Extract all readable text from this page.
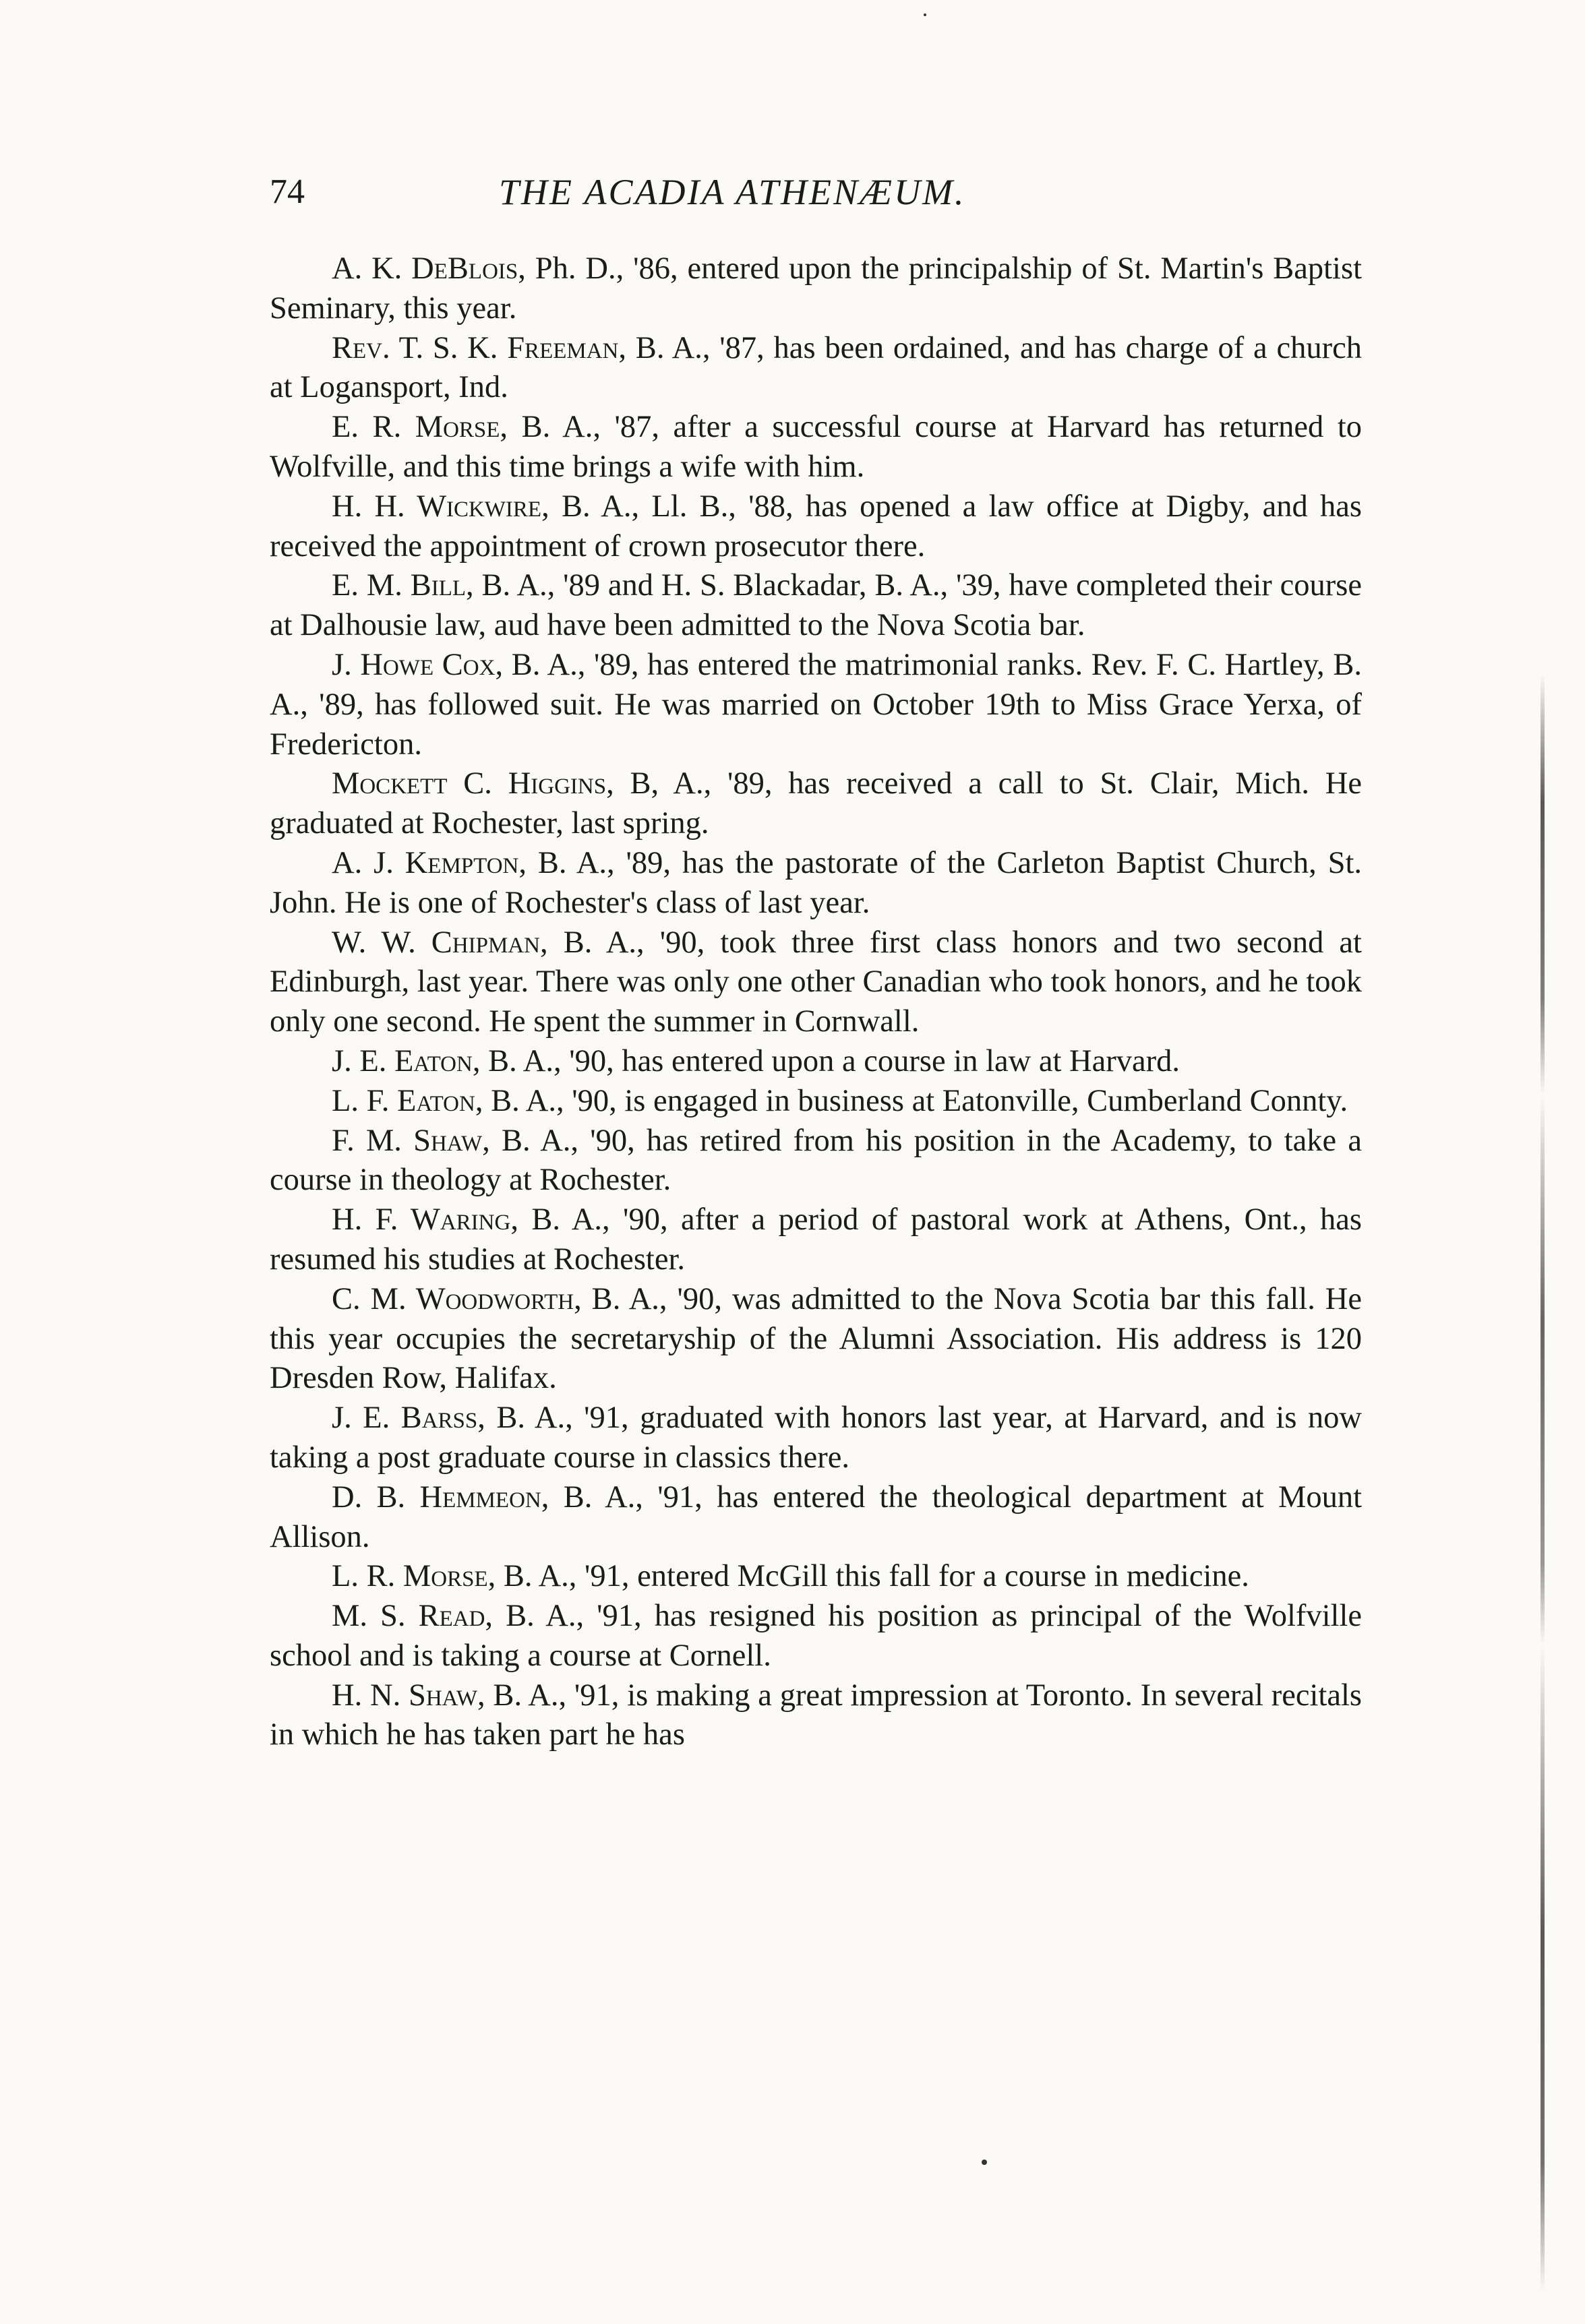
74	THE ACADIA ATHENÆUM.

A. K. DeBlois, Ph. D., '86, entered upon the principalship of St. Martin's Baptist Seminary, this year.

Rev. T. S. K. Freeman, B. A., '87, has been ordained, and has charge of a church at Logansport, Ind.

E. R. Morse, B. A., '87, after a successful course at Harvard has returned to Wolfville, and this time brings a wife with him.

H. H. Wickwire, B. A., Ll. B., '88, has opened a law office at Digby, and has received the appointment of crown prosecutor there.

E. M. Bill, B. A., '89 and H. S. Blackadar, B. A., '39, have completed their course at Dalhousie law, aud have been admitted to the Nova Scotia bar.

J. Howe Cox, B. A., '89, has entered the matrimonial ranks. Rev. F. C. Hartley, B. A., '89, has followed suit. He was married on October 19th to Miss Grace Yerxa, of Fredericton.

Mockett C. Higgins, B, A., '89, has received a call to St. Clair, Mich. He graduated at Rochester, last spring.

A. J. Kempton, B. A., '89, has the pastorate of the Carleton Baptist Church, St. John. He is one of Rochester's class of last year.

W. W. Chipman, B. A., '90, took three first class honors and two second at Edinburgh, last year. There was only one other Canadian who took honors, and he took only one second. He spent the summer in Cornwall.

J. E. Eaton, B. A., '90, has entered upon a course in law at Harvard.

L. F. Eaton, B. A., '90, is engaged in business at Eatonville, Cumberland Connty.

F. M. Shaw, B. A., '90, has retired from his position in the Academy, to take a course in theology at Rochester.

H. F. Waring, B. A., '90, after a period of pastoral work at Athens, Ont., has resumed his studies at Rochester.

C. M. Woodworth, B. A., '90, was admitted to the Nova Scotia bar this fall. He this year occupies the secretaryship of the Alumni Association. His address is 120 Dresden Row, Halifax.

J. E. Barss, B. A., '91, graduated with honors last year, at Harvard, and is now taking a post graduate course in classics there.

D. B. Hemmeon, B. A., '91, has entered the theological department at Mount Allison.

L. R. Morse, B. A., '91, entered McGill this fall for a course in medicine.

M. S. Read, B. A., '91, has resigned his position as principal of the Wolfville school and is taking a course at Cornell.

H. N. Shaw, B. A., '91, is making a great impression at Toronto. In several recitals in which he has taken part he has
